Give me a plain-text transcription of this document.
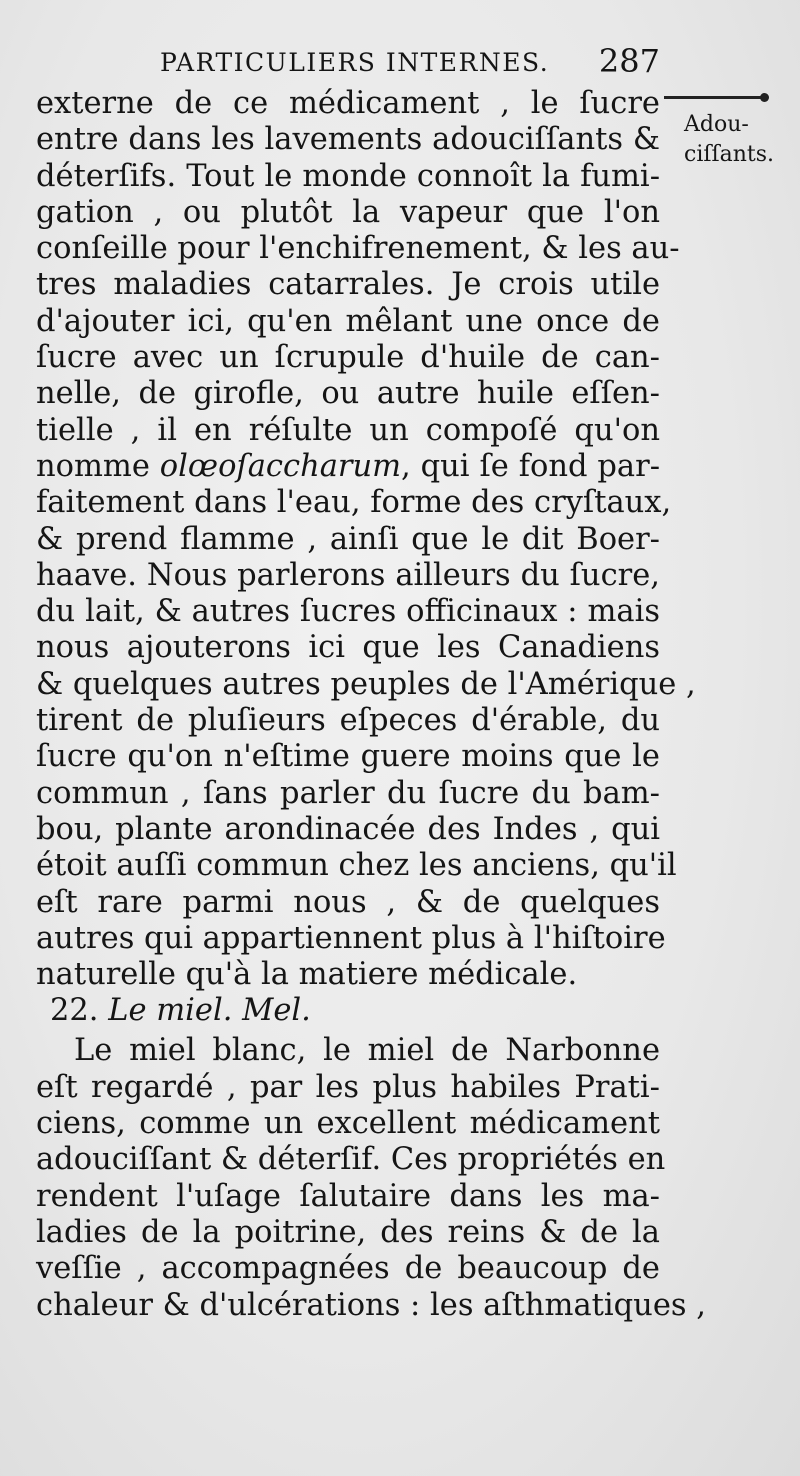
PARTICULIERS INTERNES. 287
Adou-
ciſſants.
externe de ce médicament , le ſucre
entre dans les lavements adouciſſants &
déterſifs. Tout le monde connoît la fumi-
gation , ou plutôt la vapeur que l'on
conſeille pour l'enchifrenement, & les au-
tres maladies catarrales. Je crois utile
d'ajouter ici, qu'en mêlant une once de
ſucre avec un ſcrupule d'huile de can-
nelle, de girofle, ou autre huile eſſen-
tielle , il en réſulte un compoſé qu'on
nomme olœoſaccharum, qui ſe fond par-
faitement dans l'eau, forme des cryſtaux,
& prend flamme , ainſi que le dit Boer-
haave. Nous parlerons ailleurs du ſucre,
du lait, & autres ſucres officinaux : mais
nous ajouterons ici que les Canadiens
& quelques autres peuples de l'Amérique ,
tirent de pluſieurs eſpeces d'érable, du
ſucre qu'on n'eſtime guere moins que le
commun , ſans parler du ſucre du bam-
bou, plante arondinacée des Indes , qui
étoit auſſi commun chez les anciens, qu'il
eſt rare parmi nous , & de quelques
autres qui appartiennent plus à l'hiſtoire
naturelle qu'à la matiere médicale.
22. Le miel. Mel.
Le miel blanc, le miel de Narbonne
eſt regardé , par les plus habiles Prati-
ciens, comme un excellent médicament
adouciſſant & déterſif. Ces propriétés en
rendent l'uſage ſalutaire dans les ma-
ladies de la poitrine, des reins & de la
veſſie , accompagnées de beaucoup de
chaleur & d'ulcérations : les aſthmatiques ,
